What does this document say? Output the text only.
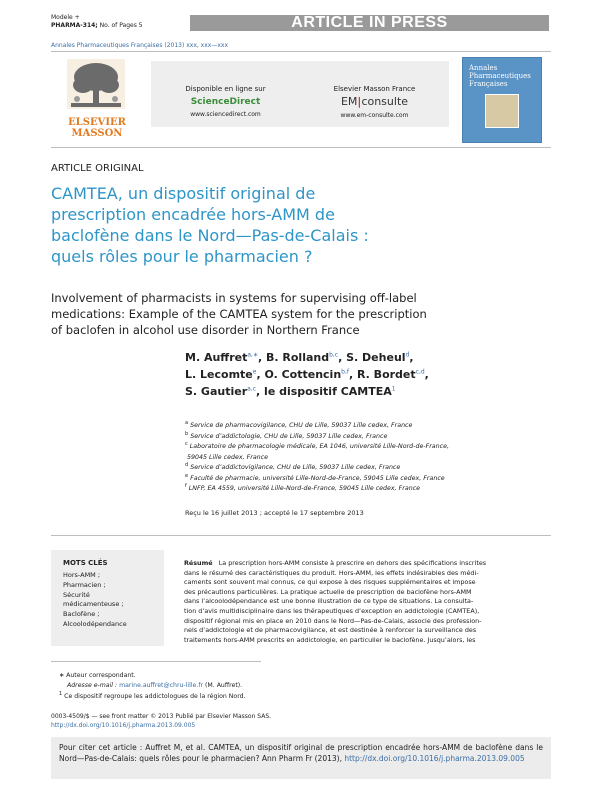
Modele +
PHARMA-314; No. of Pages 5	ARTICLE IN PRESS
Annales Pharmaceutiques Françaises (2013) xxx, xxx—xxx
ELSEVIER
MASSON
Disponible en ligne sur
ScienceDirect
www.sciencedirect.com
Elsevier Masson France
EM|consulte
www.em-consulte.com
Annales
Pharmaceutiques
Françaises
ARTICLE ORIGINAL
CAMTEA, un dispositif original de
prescription encadrée hors-AMM de
baclofène dans le Nord—Pas-de-Calais :
quels rôles pour le pharmacien ?
Involvement of pharmacists in systems for supervising off-label
medications: Example of the CAMTEA system for the prescription
of baclofen in alcohol use disorder in Northern France
M. Auffret$^{a,∗}$, B. Rolland$^{b,c}$, S. Deheul$^d$,
L. Lecomte$^e$, O. Cottencin$^{b,f}$, R. Bordet$^{c,d}$,
S. Gautier$^{a,c}$, le dispositif CAMTEA$^1$
$^a$ Service de pharmacovigilance, CHU de Lille, 59037 Lille cedex, France
$^b$ Service d’addictologie, CHU de Lille, 59037 Lille cedex, France
$^c$ Laboratoire de pharmacologie médicale, EA 1046, université Lille-Nord-de-France,
59045 Lille cedex, France
$^d$ Service d’addictovigilance, CHU de Lille, 59037 Lille cedex, France
$^e$ Faculté de pharmacie, université Lille-Nord-de-France, 59045 Lille cedex, France
$^f$ LNFP, EA 4559, université Lille-Nord-de-France, 59045 Lille cedex, France
Reçu le 16 juillet 2013 ; accepté le 17 septembre 2013
MOTS CLÉS
Hors-AMM ;
Pharmacien ;
Sécurité
médicamenteuse ;
Baclofène ;
Alcoolodépendance
Résumé La prescription hors-AMM consiste à prescrire en dehors des spécifications inscrites
dans le résumé des caractéristiques du produit. Hors-AMM, les effets indésirables des médi-
caments sont souvent mal connus, ce qui expose à des risques supplémentaires et impose
des précautions particulières. La pratique actuelle de prescription de baclofène hors-AMM
dans l’alcoolodépendance est une bonne illustration de ce type de situations. La consulta-
tion d’avis multidisciplinaire dans les thérapeutiques d’exception en addictologie (CAMTEA),
dispositif régional mis en place en 2010 dans le Nord—Pas-de-Calais, associe des profession-
nels d’addictologie et de pharmacovigilance, et est destinée à renforcer la surveillance des
traitements hors-AMM prescrits en addictologie, en particulier le baclofène. Jusqu’alors, les
∗ Auteur correspondant.
Adresse e-mail : marine.auffret@chru-lille.fr (M. Auffret).
$^1$ Ce dispositif regroupe les addictologues de la région Nord.
0003-4509/$ — see front matter © 2013 Publié par Elsevier Masson SAS.
http://dx.doi.org/10.1016/j.pharma.2013.09.005
Pour citer cet article : Auffret M, et al. CAMTEA, un dispositif original de prescription encadrée hors-AMM de baclofène dans le Nord—Pas-de-Calais: quels rôles pour le pharmacien? Ann Pharm Fr (2013), http://dx.doi.org/10.1016/j.pharma.2013.09.005
